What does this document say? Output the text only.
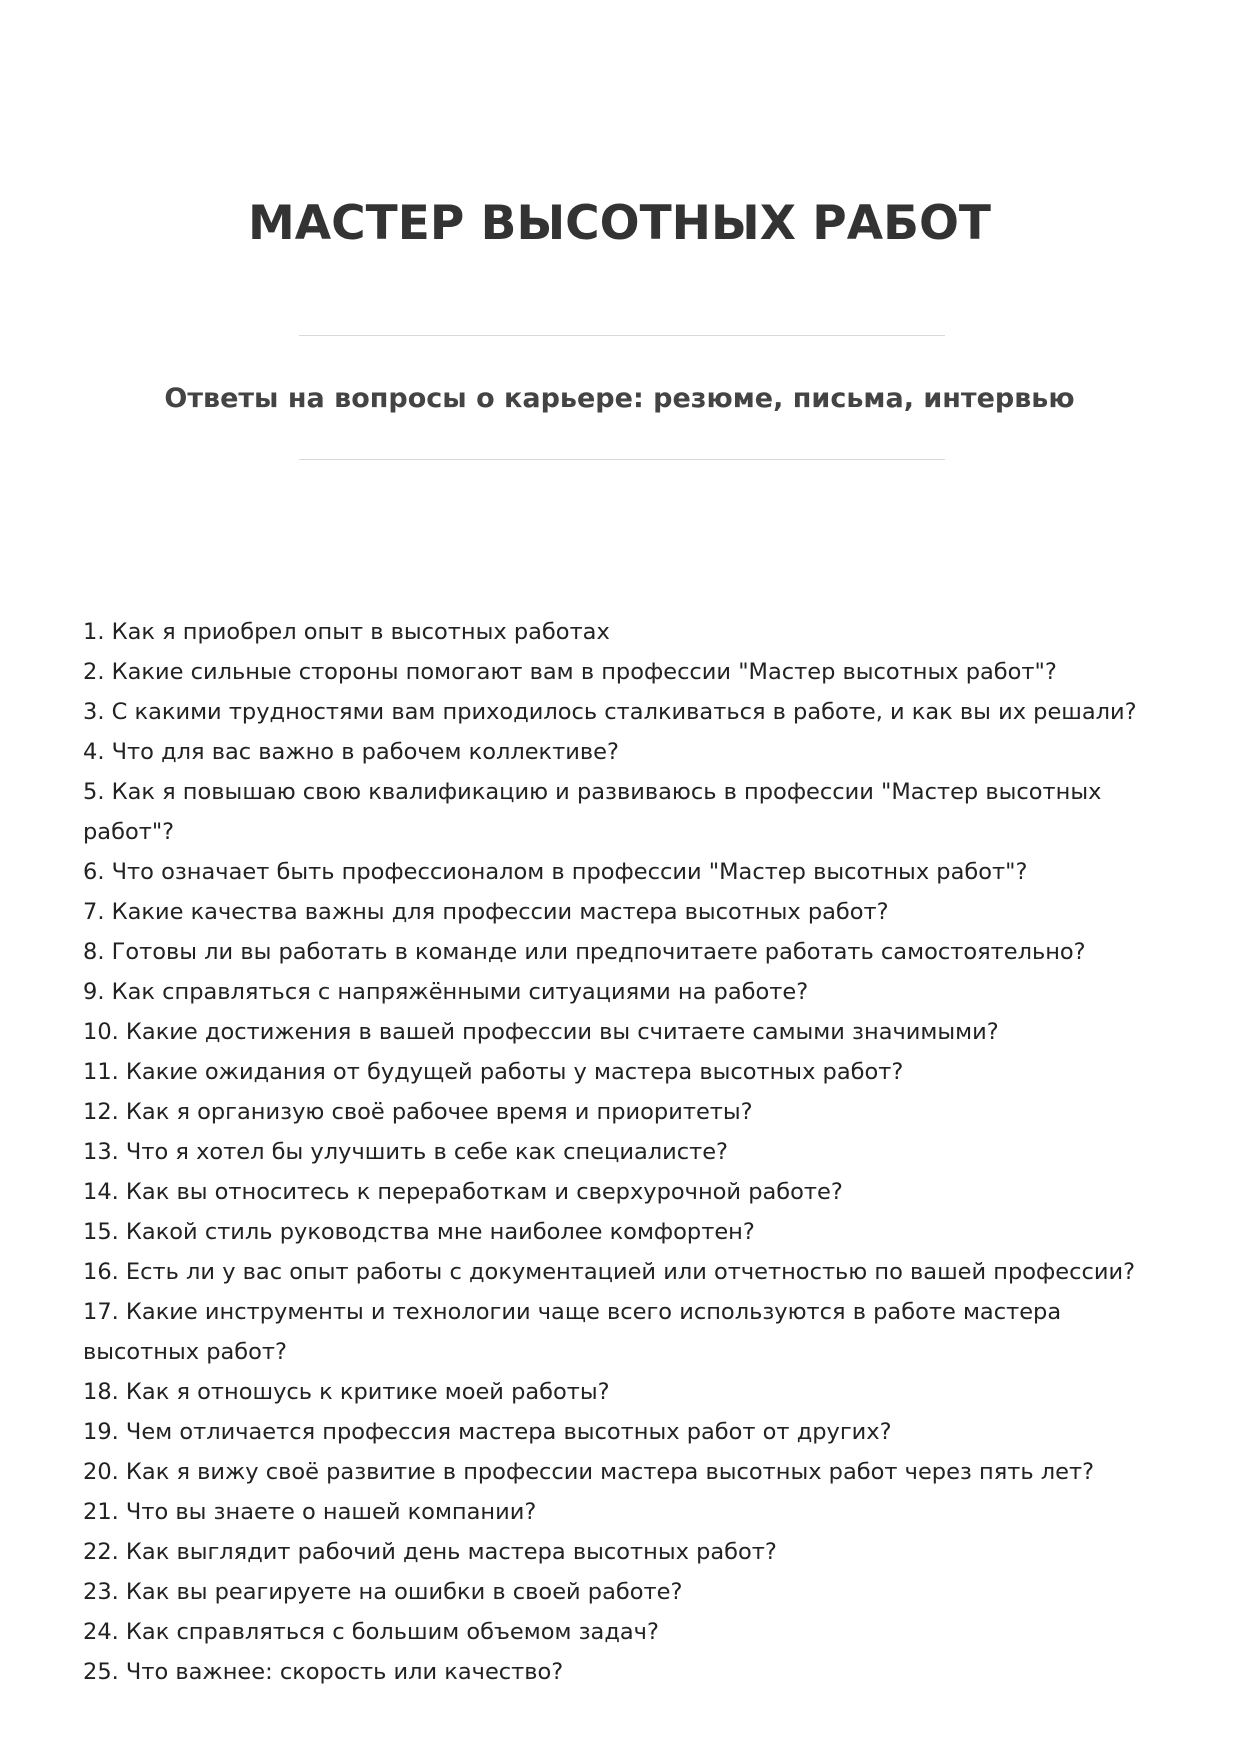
МАСТЕР ВЫСОТНЫХ РАБОТ
Ответы на вопросы о карьере: резюме, письма, интервью
1. Как я приобрел опыт в высотных работах
2. Какие сильные стороны помогают вам в профессии "Мастер высотных работ"?
3. С какими трудностями вам приходилось сталкиваться в работе, и как вы их решали?
4. Что для вас важно в рабочем коллективе?
5. Как я повышаю свою квалификацию и развиваюсь в профессии "Мастер высотных работ"?
6. Что означает быть профессионалом в профессии "Мастер высотных работ"?
7. Какие качества важны для профессии мастера высотных работ?
8. Готовы ли вы работать в команде или предпочитаете работать самостоятельно?
9. Как справляться с напряжёнными ситуациями на работе?
10. Какие достижения в вашей профессии вы считаете самыми значимыми?
11. Какие ожидания от будущей работы у мастера высотных работ?
12. Как я организую своё рабочее время и приоритеты?
13. Что я хотел бы улучшить в себе как специалисте?
14. Как вы относитесь к переработкам и сверхурочной работе?
15. Какой стиль руководства мне наиболее комфортен?
16. Есть ли у вас опыт работы с документацией или отчетностью по вашей профессии?
17. Какие инструменты и технологии чаще всего используются в работе мастера высотных работ?
18. Как я отношусь к критике моей работы?
19. Чем отличается профессия мастера высотных работ от других?
20. Как я вижу своё развитие в профессии мастера высотных работ через пять лет?
21. Что вы знаете о нашей компании?
22. Как выглядит рабочий день мастера высотных работ?
23. Как вы реагируете на ошибки в своей работе?
24. Как справляться с большим объемом задач?
25. Что важнее: скорость или качество?
